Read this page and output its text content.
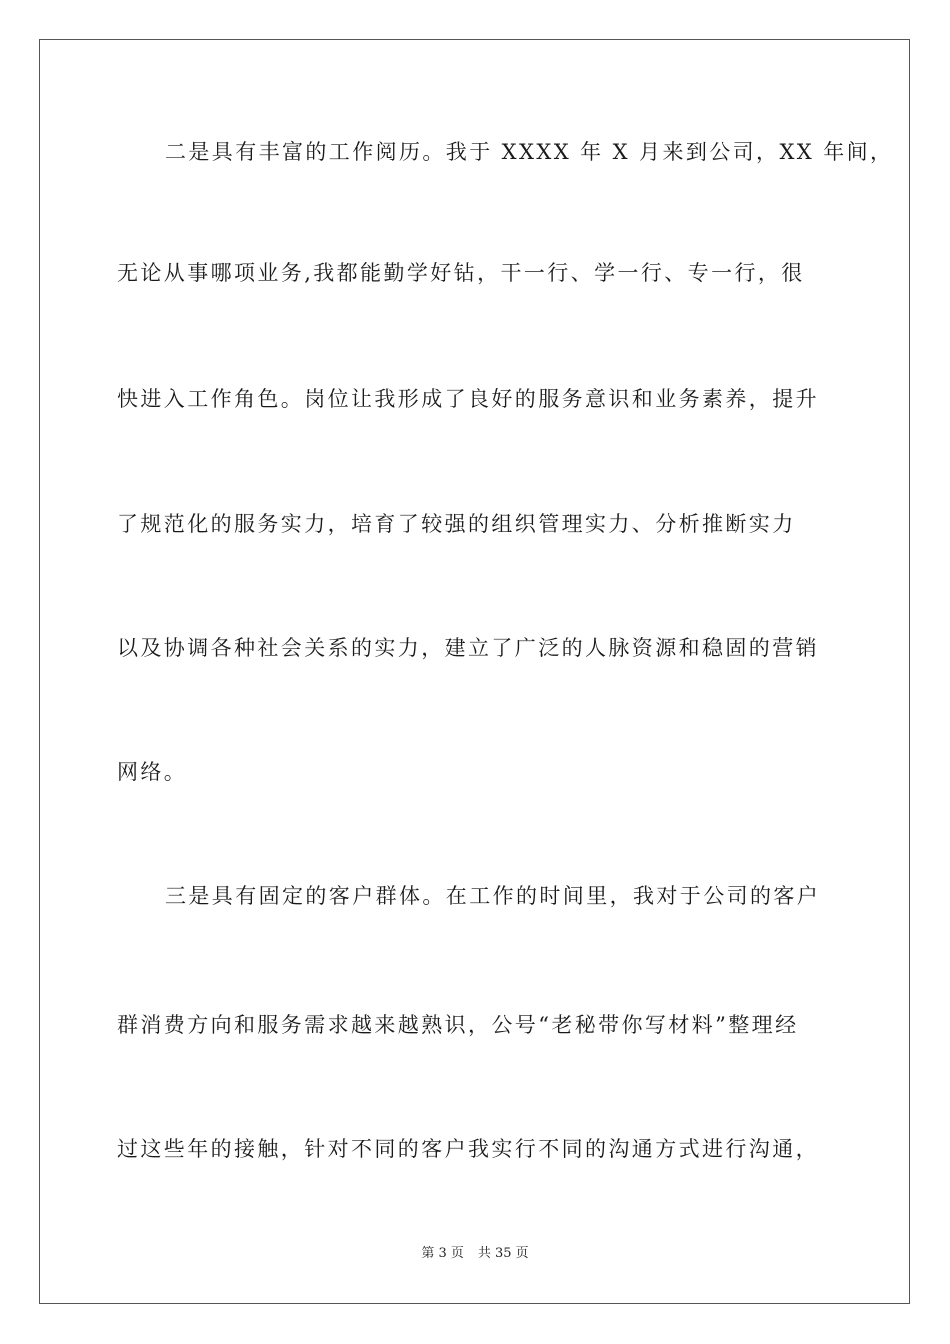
二是具有丰富的工作阅历。我于 XXXX 年 X 月来到公司，XX 年间，
无论从事哪项业务,我都能勤学好钻，干一行、学一行、专一行，很
快进入工作角色。岗位让我形成了良好的服务意识和业务素养，提升
了规范化的服务实力，培育了较强的组织管理实力、分析推断实力
以及协调各种社会关系的实力，建立了广泛的人脉资源和稳固的营销
网络。
三是具有固定的客户群体。在工作的时间里，我对于公司的客户
群消费方向和服务需求越来越熟识，公号“老秘带你写材料”整理经
过这些年的接触，针对不同的客户我实行不同的沟通方式进行沟通，
第 3 页 共 35 页
